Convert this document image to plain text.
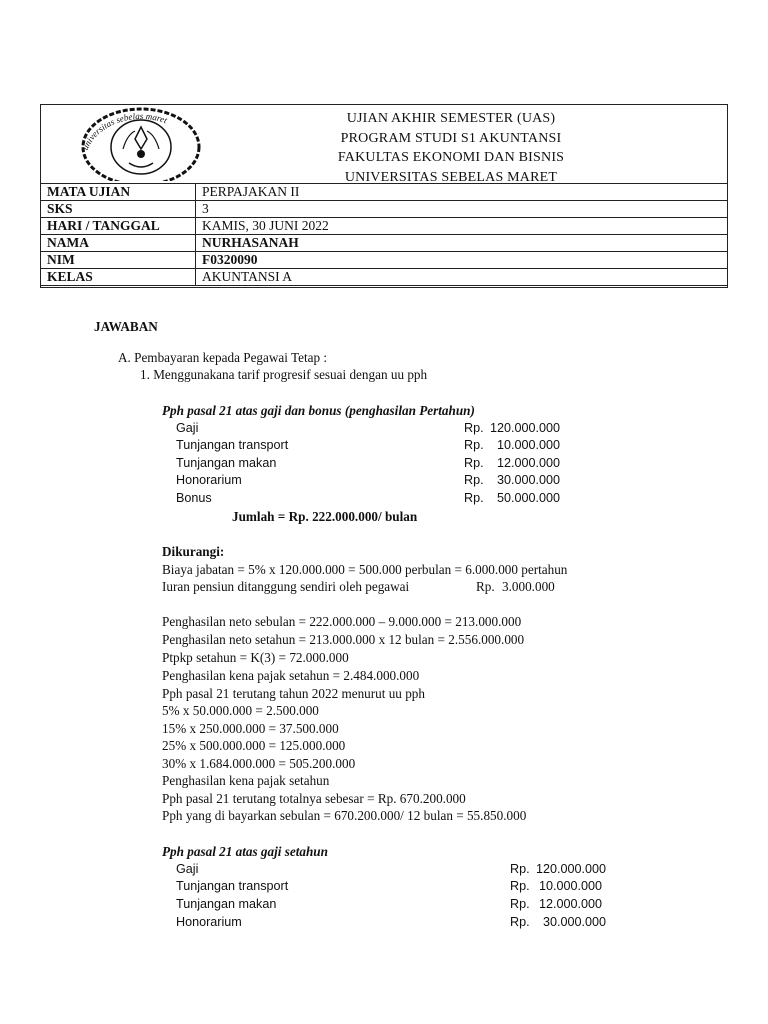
universitas sebelas maret	UJIAN AKHIR SEMESTER (UAS)
PROGRAM STUDI S1 AKUNTANSI
FAKULTAS EKONOMI DAN BISNIS
UNIVERSITAS SEBELAS MARET
MATA UJIAN	PERPAJAKAN II
SKS	3
HARI / TANGGAL	KAMIS, 30 JUNI 2022
NAMA	NURHASANAH
NIM	F0320090
KELAS	AKUNTANSI A
JAWABAN
A. Pembayaran kepada Pegawai Tetap :
1. Menggunakana tarif progresif sesuai dengan uu pph
Pph pasal 21 atas gaji dan bonus (penghasilan Pertahun)
Gaji	Rp. 120.000.000
Tunjangan transport	Rp.	10.000.000
Tunjangan makan	Rp.	12.000.000
Honorarium	Rp.	30.000.000
Bonus	Rp.	50.000.000
Jumlah = Rp. 222.000.000/ bulan
Dikurangi:
Biaya jabatan = 5% x 120.000.000 = 500.000 perbulan = 6.000.000 pertahun
Iuran pensiun ditanggung sendiri oleh pegawai	Rp. 3.000.000
Penghasilan neto sebulan = 222.000.000 – 9.000.000 = 213.000.000
Penghasilan neto setahun = 213.000.000 x 12 bulan = 2.556.000.000
Ptpkp setahun = K(3) = 72.000.000
Penghasilan kena pajak setahun = 2.484.000.000
Pph pasal 21 terutang tahun 2022 menurut uu pph
5% x 50.000.000 = 2.500.000
15% x 250.000.000 = 37.500.000
25% x 500.000.000 = 125.000.000
30% x 1.684.000.000 = 505.200.000
Penghasilan kena pajak setahun
Pph pasal 21 terutang totalnya sebesar = Rp. 670.200.000
Pph yang di bayarkan sebulan = 670.200.000/ 12 bulan = 55.850.000
Pph pasal 21 atas gaji setahun
Gaji	Rp. 120.000.000
Tunjangan transport	Rp. 10.000.000
Tunjangan makan	Rp. 12.000.000
Honorarium	Rp.	30.000.000
